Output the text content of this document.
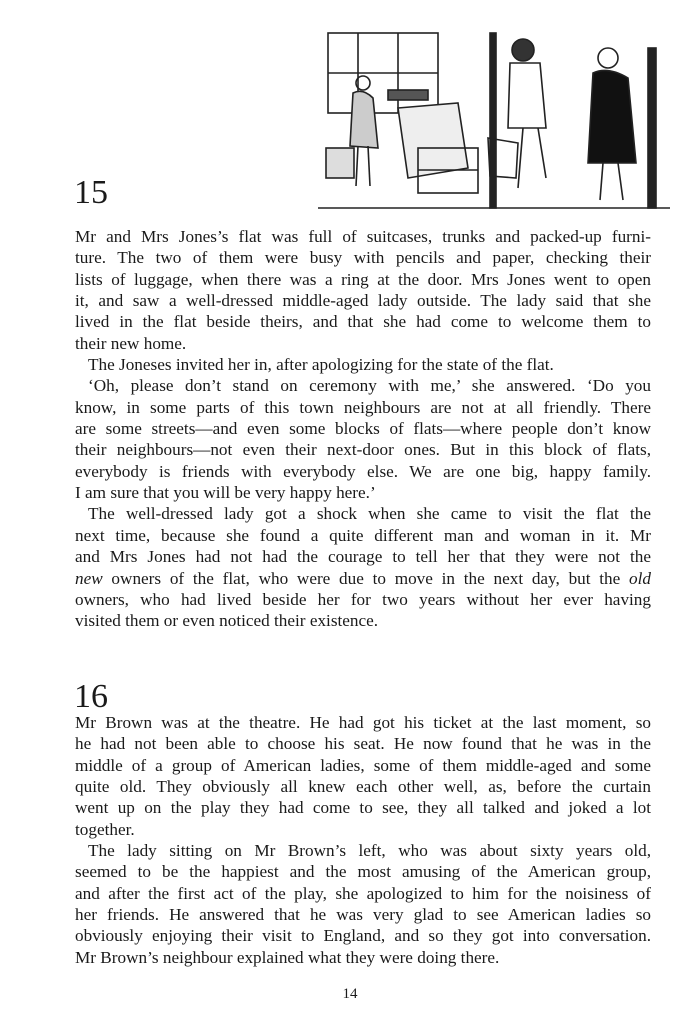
15
Mr and Mrs Jones’s flat was full of suitcases, trunks and packed-up furni-
ture. The two of them were busy with pencils and paper, checking their
lists of luggage, when there was a ring at the door. Mrs Jones went to open
it, and saw a well-dressed middle-aged lady outside. The lady said that she
lived in the flat beside theirs, and that she had come to welcome them to
their new home.
The Joneses invited her in, after apologizing for the state of the flat.
‘Oh, please don’t stand on ceremony with me,’ she answered. ‘Do you
know, in some parts of this town neighbours are not at all friendly. There
are some streets—and even some blocks of flats—where people don’t know
their neighbours—not even their next-door ones. But in this block of flats,
everybody is friends with everybody else. We are one big, happy family.
I am sure that you will be very happy here.’
The well-dressed lady got a shock when she came to visit the flat the
next time, because she found a quite different man and woman in it. Mr
and Mrs Jones had not had the courage to tell her that they were not the
new owners of the flat, who were due to move in the next day, but the old
owners, who had lived beside her for two years without her ever having
visited them or even noticed their existence.
16
Mr Brown was at the theatre. He had got his ticket at the last moment, so
he had not been able to choose his seat. He now found that he was in the
middle of a group of American ladies, some of them middle-aged and some
quite old. They obviously all knew each other well, as, before the curtain
went up on the play they had come to see, they all talked and joked a lot
together.
The lady sitting on Mr Brown’s left, who was about sixty years old,
seemed to be the happiest and the most amusing of the American group,
and after the first act of the play, she apologized to him for the noisiness of
her friends. He answered that he was very glad to see American ladies so
obviously enjoying their visit to England, and so they got into conversation.
Mr Brown’s neighbour explained what they were doing there.
14
